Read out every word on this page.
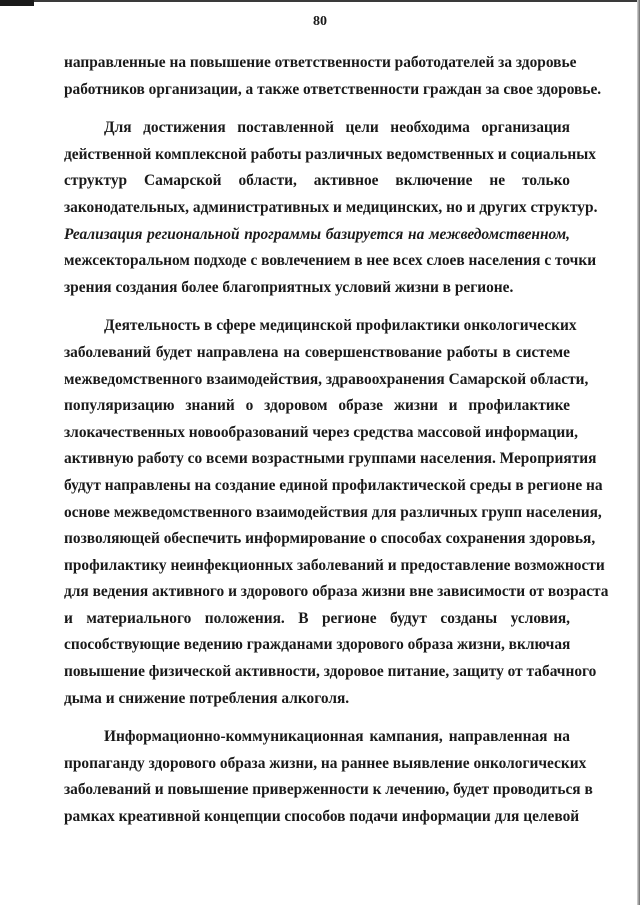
80
направленные на повышение ответственности работодателей за здоровье
работников организации, а также ответственности граждан за свое здоровье.
Для достижения поставленной цели необходима организация
действенной комплексной работы различных ведомственных и социальных
структур Самарской области, активное включение не только
законодательных, административных и медицинских, но и других структур.
Реализация региональной программы базируется на межведомственном,
межсекторальном подходе с вовлечением в нее всех слоев населения с точки
зрения создания более благоприятных условий жизни в регионе.
Деятельность в сфере медицинской профилактики онкологических
заболеваний будет направлена на совершенствование работы в системе
межведомственного взаимодействия, здравоохранения Самарской области,
популяризацию знаний о здоровом образе жизни и профилактике
злокачественных новообразований через средства массовой информации,
активную работу со всеми возрастными группами населения. Мероприятия
будут направлены на создание единой профилактической среды в регионе на
основе межведомственного взаимодействия для различных групп населения,
позволяющей обеспечить информирование о способах сохранения здоровья,
профилактику неинфекционных заболеваний и предоставление возможности
для ведения активного и здорового образа жизни вне зависимости от возраста
и материального положения. В регионе будут созданы условия,
способствующие ведению гражданами здорового образа жизни, включая
повышение физической активности, здоровое питание, защиту от табачного
дыма и снижение потребления алкоголя.
Информационно-коммуникационная кампания, направленная на
пропаганду здорового образа жизни, на раннее выявление онкологических
заболеваний и повышение приверженности к лечению, будет проводиться в
рамках креативной концепции способов подачи информации для целевой
